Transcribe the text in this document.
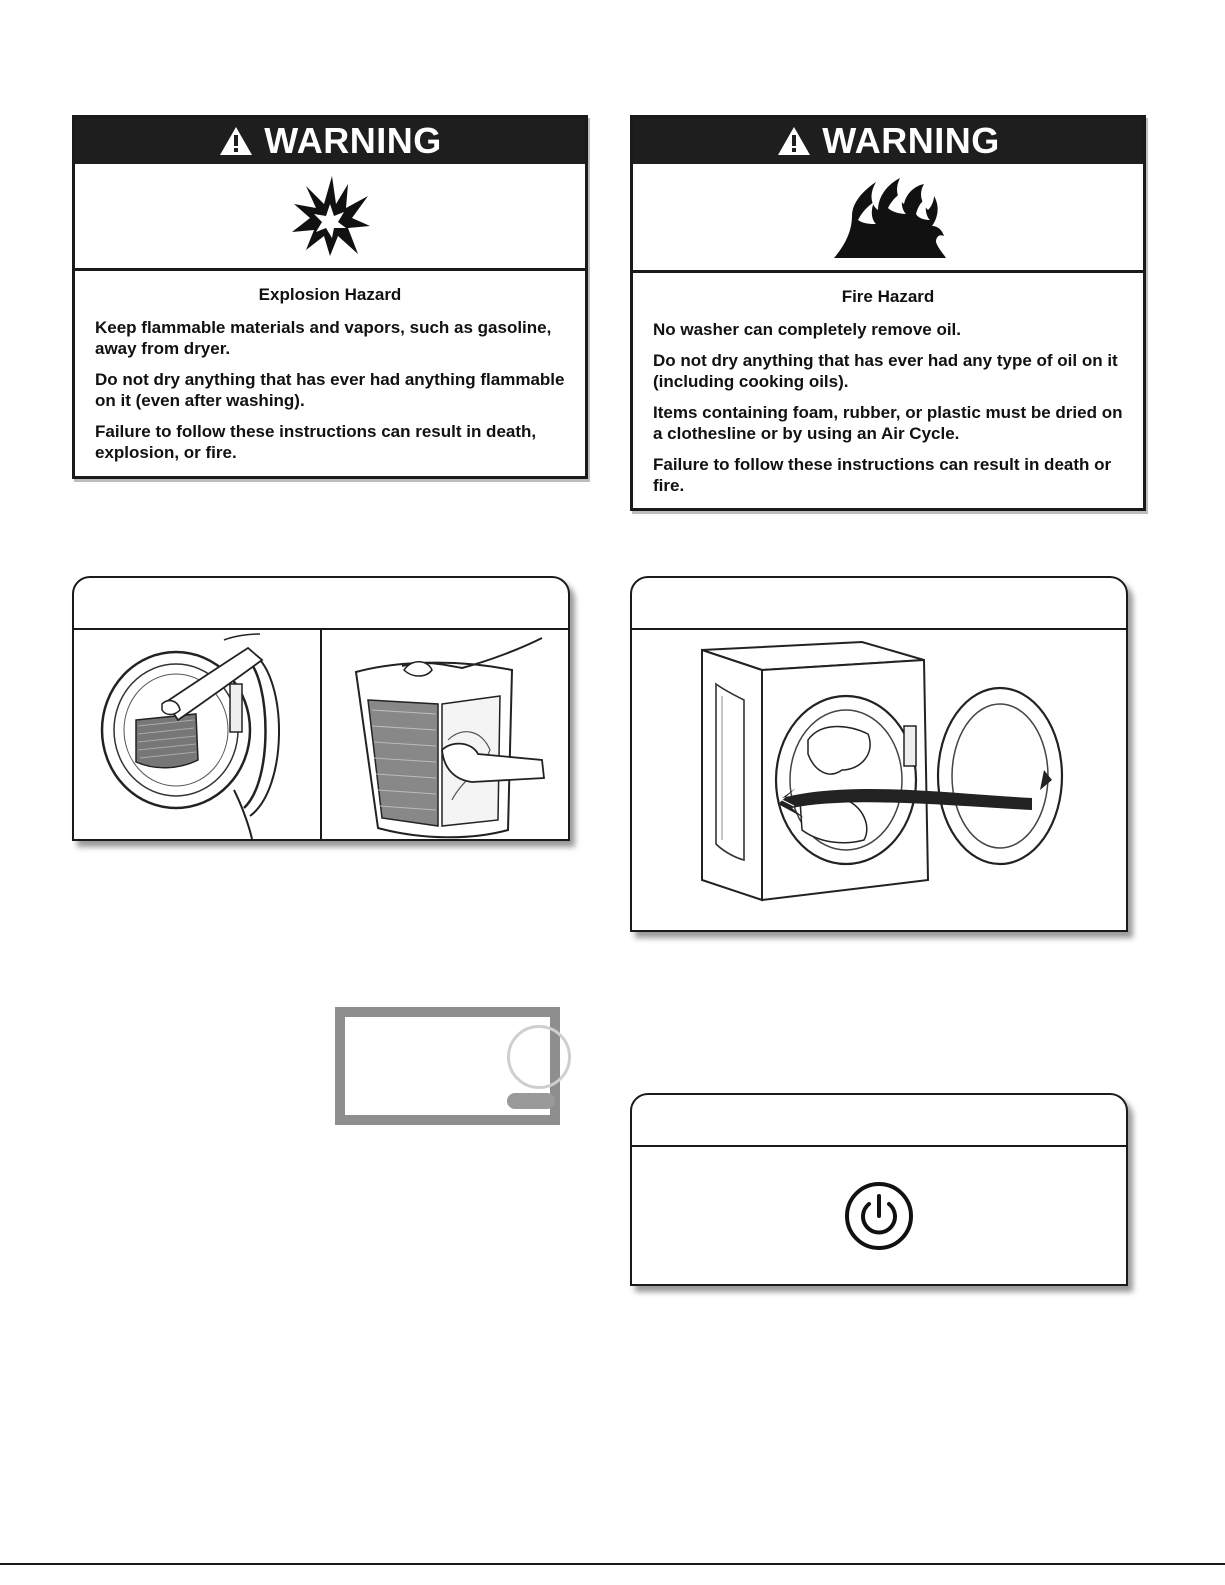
WARNING
Explosion Hazard

Keep flammable materials and vapors, such as gasoline, away from dryer.

Do not dry anything that has ever had anything flammable on it (even after washing).

Failure to follow these instructions can result in death, explosion, or fire.

WARNING
Fire Hazard

No washer can completely remove oil.

Do not dry anything that has ever had any type of oil on it (including cooking oils).

Items containing foam, rubber, or plastic must be dried on a clothesline or by using an Air Cycle.

Failure to follow these instructions can result in death or fire.
